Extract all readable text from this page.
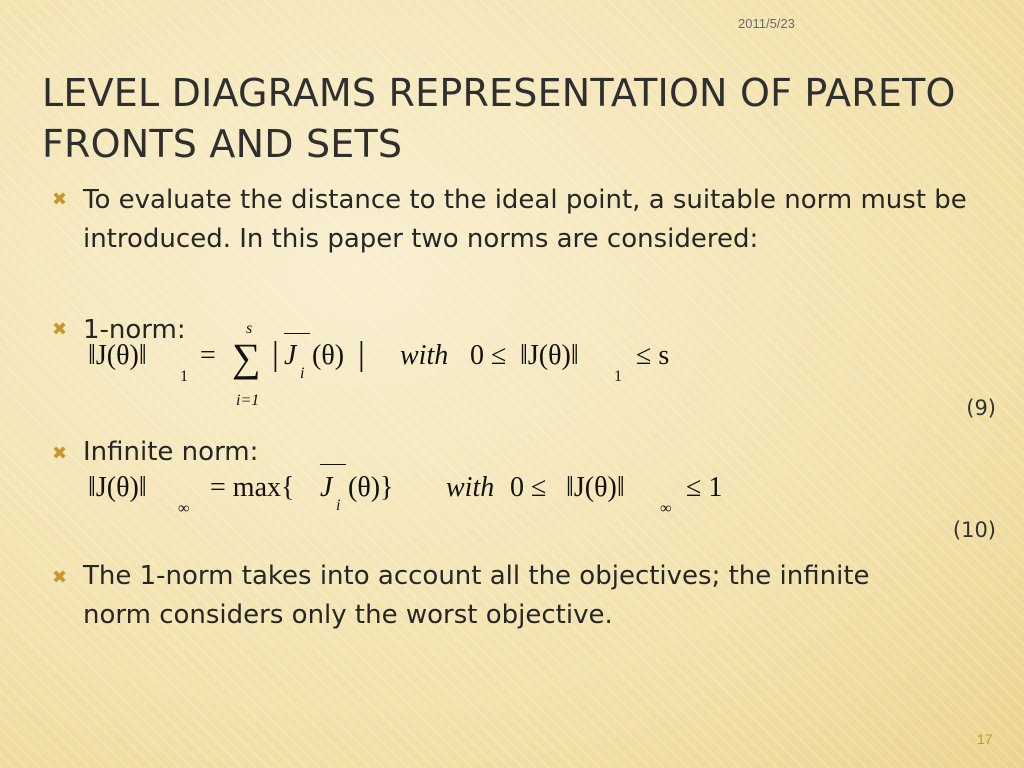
2011/5/23
LEVEL DIAGRAMS REPRESENTATION OF PARETO FRONTS AND SETS
✖ To evaluate the distance to the ideal point, a suitable norm must be introduced. In this paper two norms are considered:

✖ 1-norm:

‖J(θ)‖
1
=
s
∑
i=1
| J
i
(θ) | with 0 ≤ ‖J(θ)‖
1
≤ s
(9)
✖ Infinite norm:

‖J(θ)‖
∞
= max{ J
i
(θ)} with 0 ≤ ‖J(θ)‖
∞
≤ 1
(10)
✖ The 1-norm takes into account all the objectives; the infinite norm considers only the worst objective.

17
